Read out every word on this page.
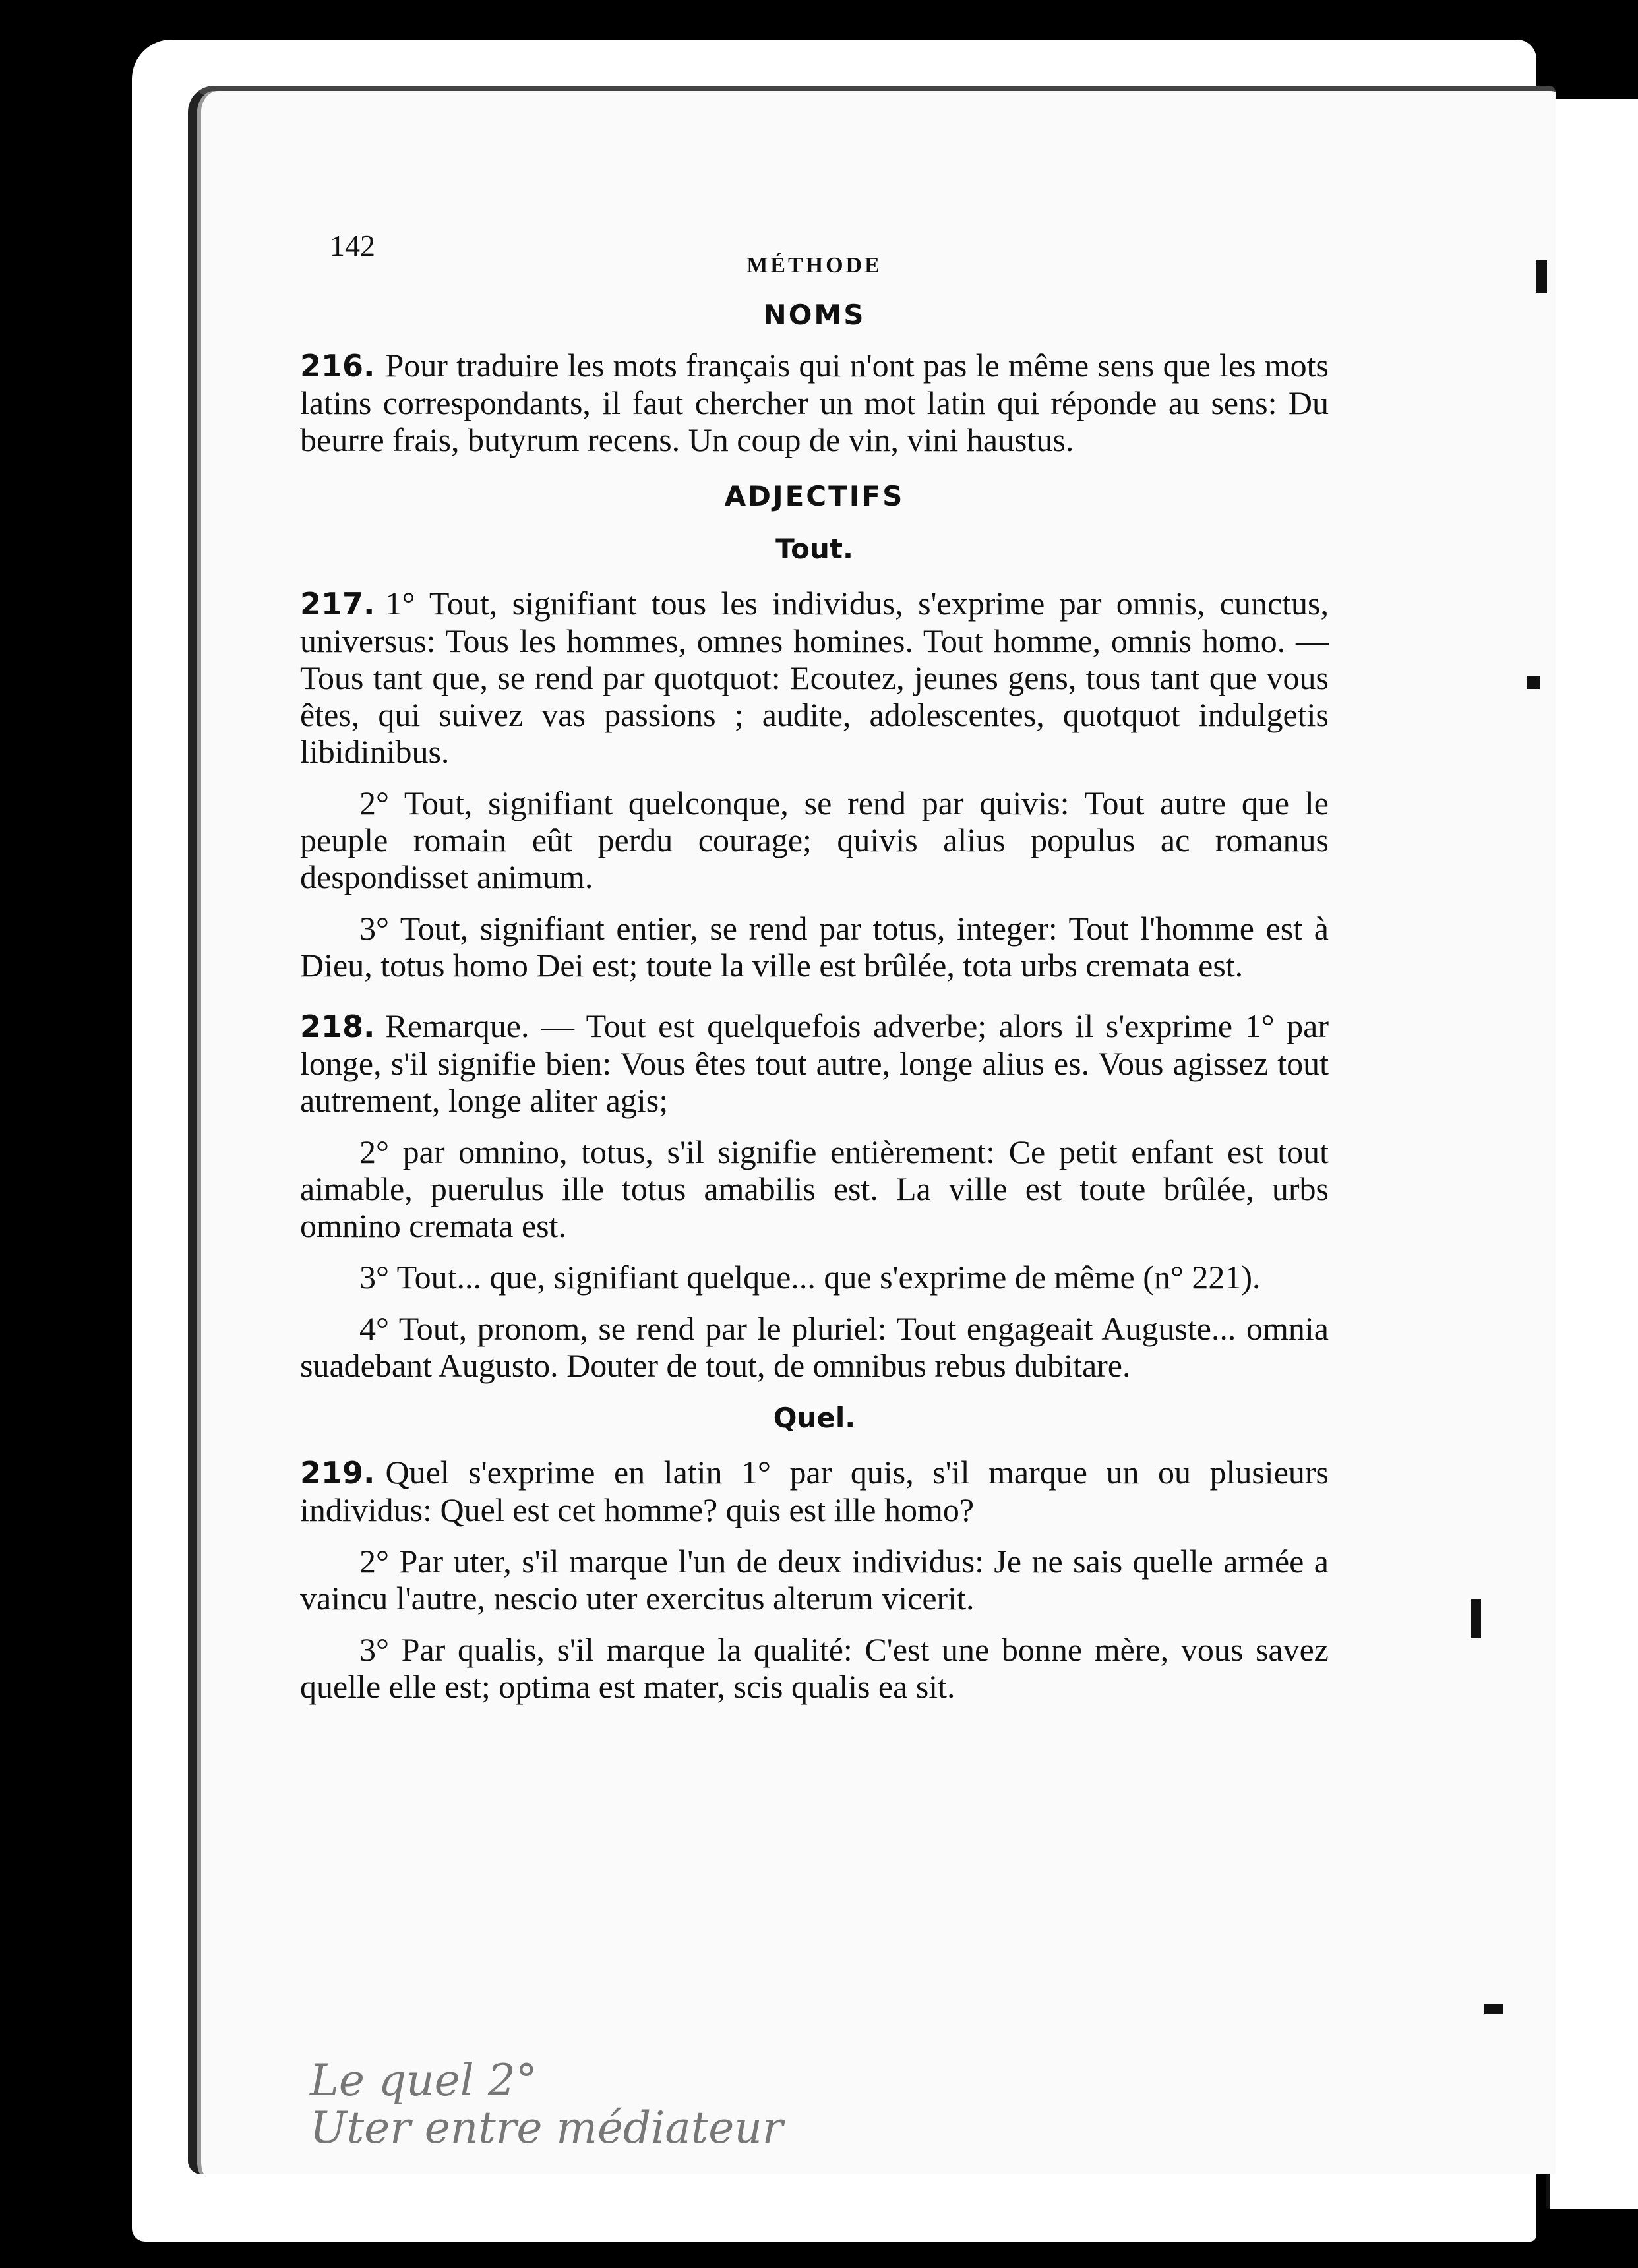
142
MÉTHODE
NOMS

216. Pour traduire les mots français qui n'ont pas le même sens que les mots latins correspondants, il faut chercher un mot latin qui réponde au sens: Du beurre frais, butyrum recens. Un coup de vin, vini haustus.

ADJECTIFS
Tout.

217. 1° Tout, signifiant tous les individus, s'exprime par omnis, cunctus, universus: Tous les hommes, omnes homines. Tout homme, omnis homo. — Tous tant que, se rend par quotquot: Ecoutez, jeunes gens, tous tant que vous êtes, qui suivez vas passions ; audite, adolescentes, quotquot indulgetis libidinibus.

2° Tout, signifiant quelconque, se rend par quivis: Tout autre que le peuple romain eût perdu courage; quivis alius populus ac romanus despondisset animum.

3° Tout, signifiant entier, se rend par totus, integer: Tout l'homme est à Dieu, totus homo Dei est; toute la ville est brûlée, tota urbs cremata est.

218. Remarque. — Tout est quelquefois adverbe; alors il s'exprime 1° par longe, s'il signifie bien: Vous êtes tout autre, longe alius es. Vous agissez tout autrement, longe aliter agis;

2° par omnino, totus, s'il signifie entièrement: Ce petit enfant est tout aimable, puerulus ille totus amabilis est. La ville est toute brûlée, urbs omnino cremata est.

3° Tout... que, signifiant quelque... que s'exprime de même (n° 221).

4° Tout, pronom, se rend par le pluriel: Tout engageait Auguste... omnia suadebant Augusto. Douter de tout, de omnibus rebus dubitare.

Quel.

219. Quel s'exprime en latin 1° par quis, s'il marque un ou plusieurs individus: Quel est cet homme? quis est ille homo?

2° Par uter, s'il marque l'un de deux individus: Je ne sais quelle armée a vaincu l'autre, nescio uter exercitus alterum vicerit.

3° Par qualis, s'il marque la qualité: C'est une bonne mère, vous savez quelle elle est; optima est mater, scis qualis ea sit.

Le quel 2°
Uter entre médiateur
